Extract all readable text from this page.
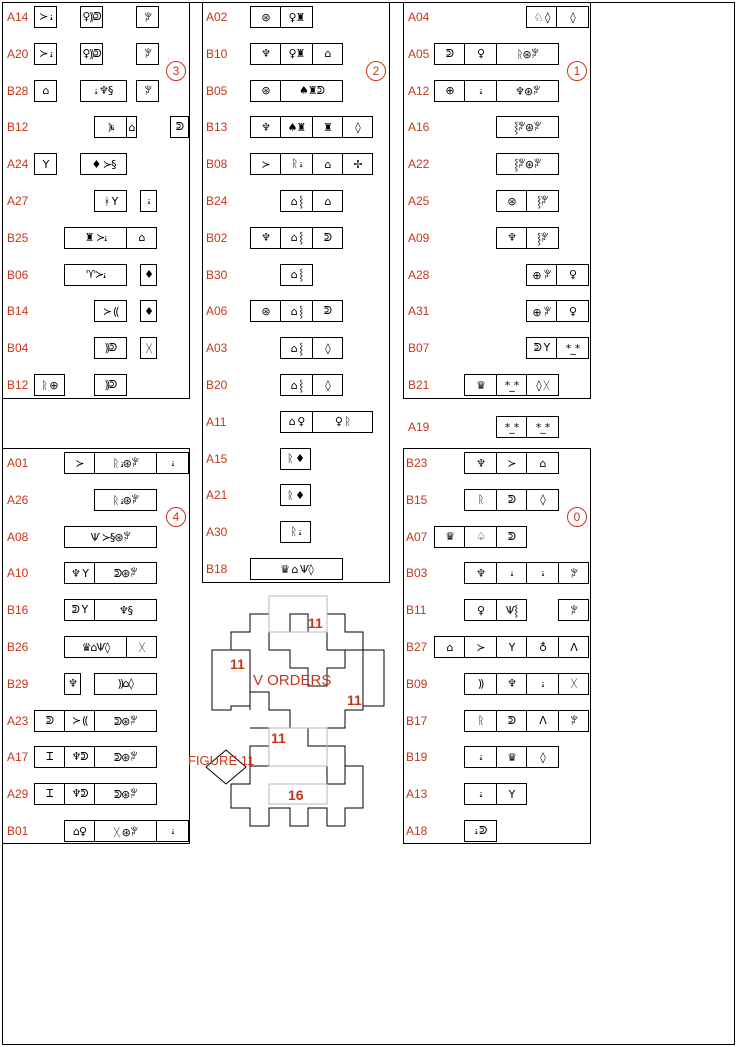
3
A14 ≻ ꭵ	♀⸩ᕲ	ꐕ
A20 ≻ ꭵ	♀⸩ᕲ	ꐕ
B28	⌂	ꭵ ♆§	ꐕ
B12	⸩ꭵ	⌂	ᕲ
A24	Y	♦ ≻§
A27	ᚼ Y	ꭵ
B25	♜ ≻ꭵ	⌂
B06	♈≻ꭵ	♦
B14	≻ ⸨	♦
B04	⸩ᕲ	ᚷ
B12	ᚱ ⊕	⸩ᕲ
2
A02	⊛	♀♜
B10	♆	♀♜	⌂
B05	⊛	♠♜ᕲ
B13	♆	♠♜	♜	◊
B08	≻	ᚱ ꭵ	⌂	✢
B24	⌂ ⸾	⌂
B02	♆	⌂ ⸾	ᕲ
B30	⌂ ⸾
A06	⊛	⌂ ⸾	ᕲ
A03	⌂ ⸾	◊
B20	⌂ ⸾	◊
A11	⌂ ♀	♀ ᚱ
A15	ᚱ ♦
A21	ᚱ ♦
A30	ᚱ ꭵ
B18	♛ ⌂ Ѱ◊
1
A04	♘ ◊	◊
A05	ᕲ	♀	ᚱ⊛ꐕ
A12	⊕	ꭵ	♆⊛ꐕ
A16	⸾ꐕ⊛ꐕ
A22	⸾ꐕ⊛ꐕ
A25	⊛	⸾ꐕ
A09	♆	⸾ꐕ
A28	⊕ ꐕ	♀
A31	⊕ ꐕ	♀
B07	ᕲ Y	*_*
B21	♛	*_*	◊ ᚷ
A19	*_*	*_*
4
A01	≻	ᚱ ꭵ⊛ꐕ	ꭵ
A26	ᚱ ꭵ⊛ꐕ
A08	Ѱ ≻§⊛ꐕ
A10	♆ Y	ᕲ⊛ꐕ
B16	ᕲ Y	♆§
B26	♛⌂Ѱ◊	ᚷ
B29	♆	⸩⌂◊
A23	ᕲ	≻ ⸨	ᕲ⊛ꐕ
A17	Ꮖ	♆ᕲ	ᕲ⊛ꐕ
A29	Ꮖ	♆ᕲ	ᕲ⊛ꐕ
B01	⌂♀	ᚷ ⊛ꐕ	ꭵ
0
B23	♆	≻	⌂
B15	ᚱ	ᕲ	◊
A07	♛	♤	ᕲ
B03	♆	ꭵ	ꭵ	ꐕ
B11	♀	Ѱ⸾	ꐕ
B27	⌂	≻	Y	♁	Λ
B09	⸩	♆	ꭵ	ᚷ
B17	ᚱ	ᕲ	Λ	ꐕ
B19	ꭵ	♛	◊
A13	ꭵ	Y
A18	ꭵ ᕲ
11
11
V ORDERS
11
11
16
FIGURE 11
